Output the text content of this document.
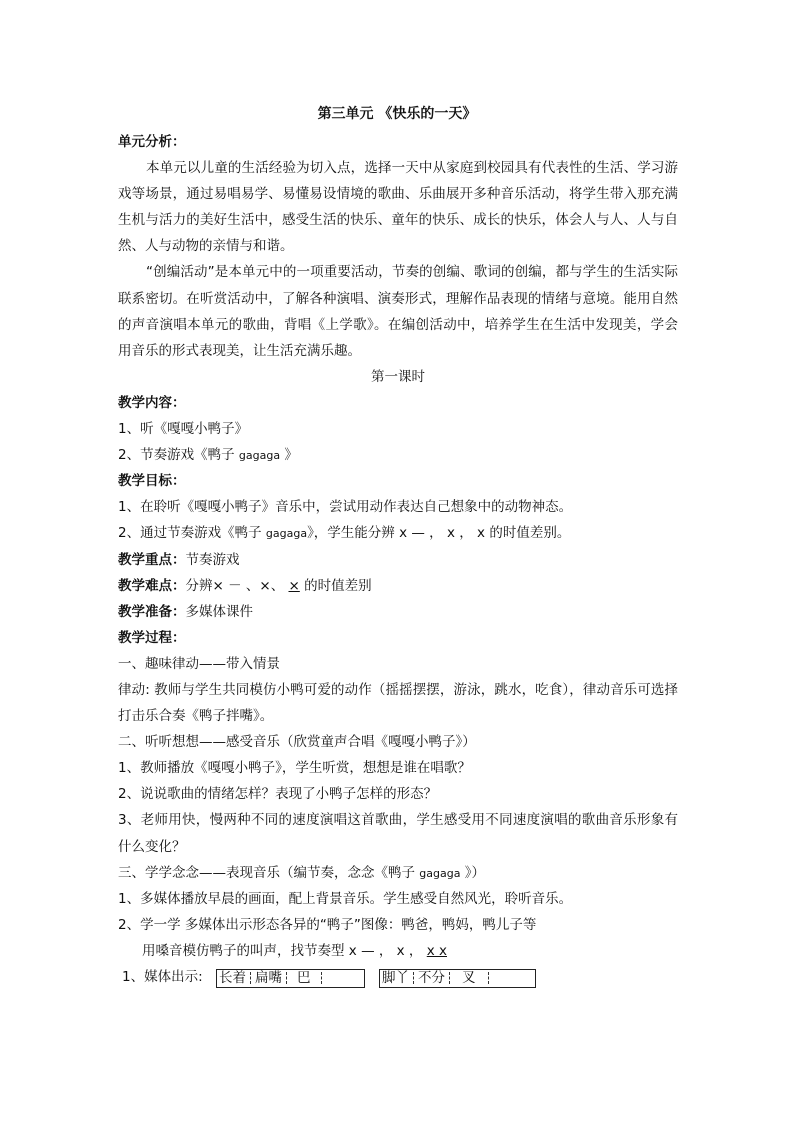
第三单元 《快乐的一天》
单元分析：
本单元以儿童的生活经验为切入点，选择一天中从家庭到校园具有代表性的生活、学习游戏等场景，通过易唱易学、易懂易设情境的歌曲、乐曲展开多种音乐活动，将学生带入那充满生机与活力的美好生活中，感受生活的快乐、童年的快乐、成长的快乐，体会人与人、人与自然、人与动物的亲情与和谐。
“创编活动”是本单元中的一项重要活动，节奏的创编、歌词的创编，都与学生的生活实际联系密切。在听赏活动中，了解各种演唱、演奏形式，理解作品表现的情绪与意境。能用自然的声音演唱本单元的歌曲，背唱《上学歌》。在编创活动中，培养学生在生活中发现美，学会用音乐的形式表现美，让生活充满乐趣。
第一课时
教学内容：
1、听《嘎嘎小鸭子》
2、节奏游戏《鸭子 gagaga 》
教学目标：
1、在聆听《嘎嘎小鸭子》音乐中，尝试用动作表达自己想象中的动物神态。
2、通过节奏游戏《鸭子 gagaga》，学生能分辨 x — ， x ， x 的时值差别。
教学重点：节奏游戏
教学难点：分辨× － 、×、 × 的时值差别
教学准备：多媒体课件
教学过程：
一、趣味律动——带入情景
律动: 教师与学生共同模仿小鸭可爱的动作（摇摇摆摆，游泳，跳水，吃食），律动音乐可选择打击乐合奏《鸭子拌嘴》。
二、听听想想——感受音乐（欣赏童声合唱《嘎嘎小鸭子》）
1、教师播放《嘎嘎小鸭子》，学生听赏，想想是谁在唱歌？
2、说说歌曲的情绪怎样？表现了小鸭子怎样的形态？
3、老师用快，慢两种不同的速度演唱这首歌曲，学生感受用不同速度演唱的歌曲音乐形象有什么变化？
三、学学念念——表现音乐（编节奏，念念《鸭子 gagaga 》）
1、多媒体播放早晨的画面，配上背景音乐。学生感受自然风光，聆听音乐。
2、学一学 多媒体出示形态各异的“鸭子”图像：鸭爸，鸭妈，鸭儿子等
用嗓音模仿鸭子的叫声，找节奏型 x — ， x ， x x
1、媒体出示: 长着 扁嘴 巴	脚丫 不分 叉
